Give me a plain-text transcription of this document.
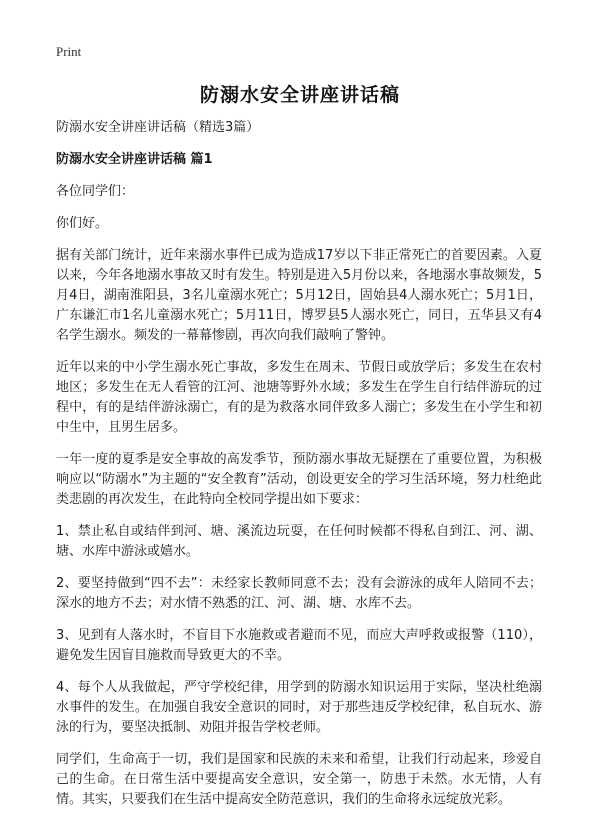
Print
防溺水安全讲座讲话稿

防溺水安全讲座讲话稿（精选3篇）

防溺水安全讲座讲话稿 篇1

各位同学们：

你们好。

据有关部门统计，近年来溺水事件已成为造成17岁以下非正常死亡的首要因素。入夏以来，今年各地溺水事故又时有发生。特别是进入5月份以来，各地溺水事故频发，5月4日，湖南淮阳县，3名儿童溺水死亡；5月12日，固始县4人溺水死亡；5月1日，广东谦汇市1名儿童溺水死亡；5月11日，博罗县5人溺水死亡，同日，五华县又有4名学生溺水。频发的一幕幕惨剧，再次向我们敲响了警钟。

近年以来的中小学生溺水死亡事故，多发生在周末、节假日或放学后；多发生在农村地区；多发生在无人看管的江河、池塘等野外水域；多发生在学生自行结伴游玩的过程中，有的是结伴游泳溺亡，有的是为救落水同伴致多人溺亡；多发生在小学生和初中生中，且男生居多。

一年一度的夏季是安全事故的高发季节，预防溺水事故无疑摆在了重要位置，为积极响应以“防溺水”为主题的“安全教育”活动，创设更安全的学习生活环境，努力杜绝此类悲剧的再次发生，在此特向全校同学提出如下要求：

1、禁止私自或结伴到河、塘、溪流边玩耍，在任何时候都不得私自到江、河、湖、塘、水库中游泳或嬉水。

2、要坚持做到“四不去”：未经家长教师同意不去；没有会游泳的成年人陪同不去；深水的地方不去；对水情不熟悉的江、河、湖、塘、水库不去。

3、见到有人落水时，不盲目下水施救或者避而不见，而应大声呼救或报警（110），避免发生因盲目施救而导致更大的不幸。

4、每个人从我做起，严守学校纪律，用学到的防溺水知识运用于实际，坚决杜绝溺水事件的发生。在加强自我安全意识的同时，对于那些违反学校纪律，私自玩水、游泳的行为，要坚决抵制、劝阻并报告学校老师。

同学们，生命高于一切，我们是国家和民族的未来和希望，让我们行动起来，珍爱自己的生命。在日常生活中要提高安全意识，安全第一，防患于未然。水无情，人有情。其实，只要我们在生活中提高安全防范意识，我们的生命将永远绽放光彩。
